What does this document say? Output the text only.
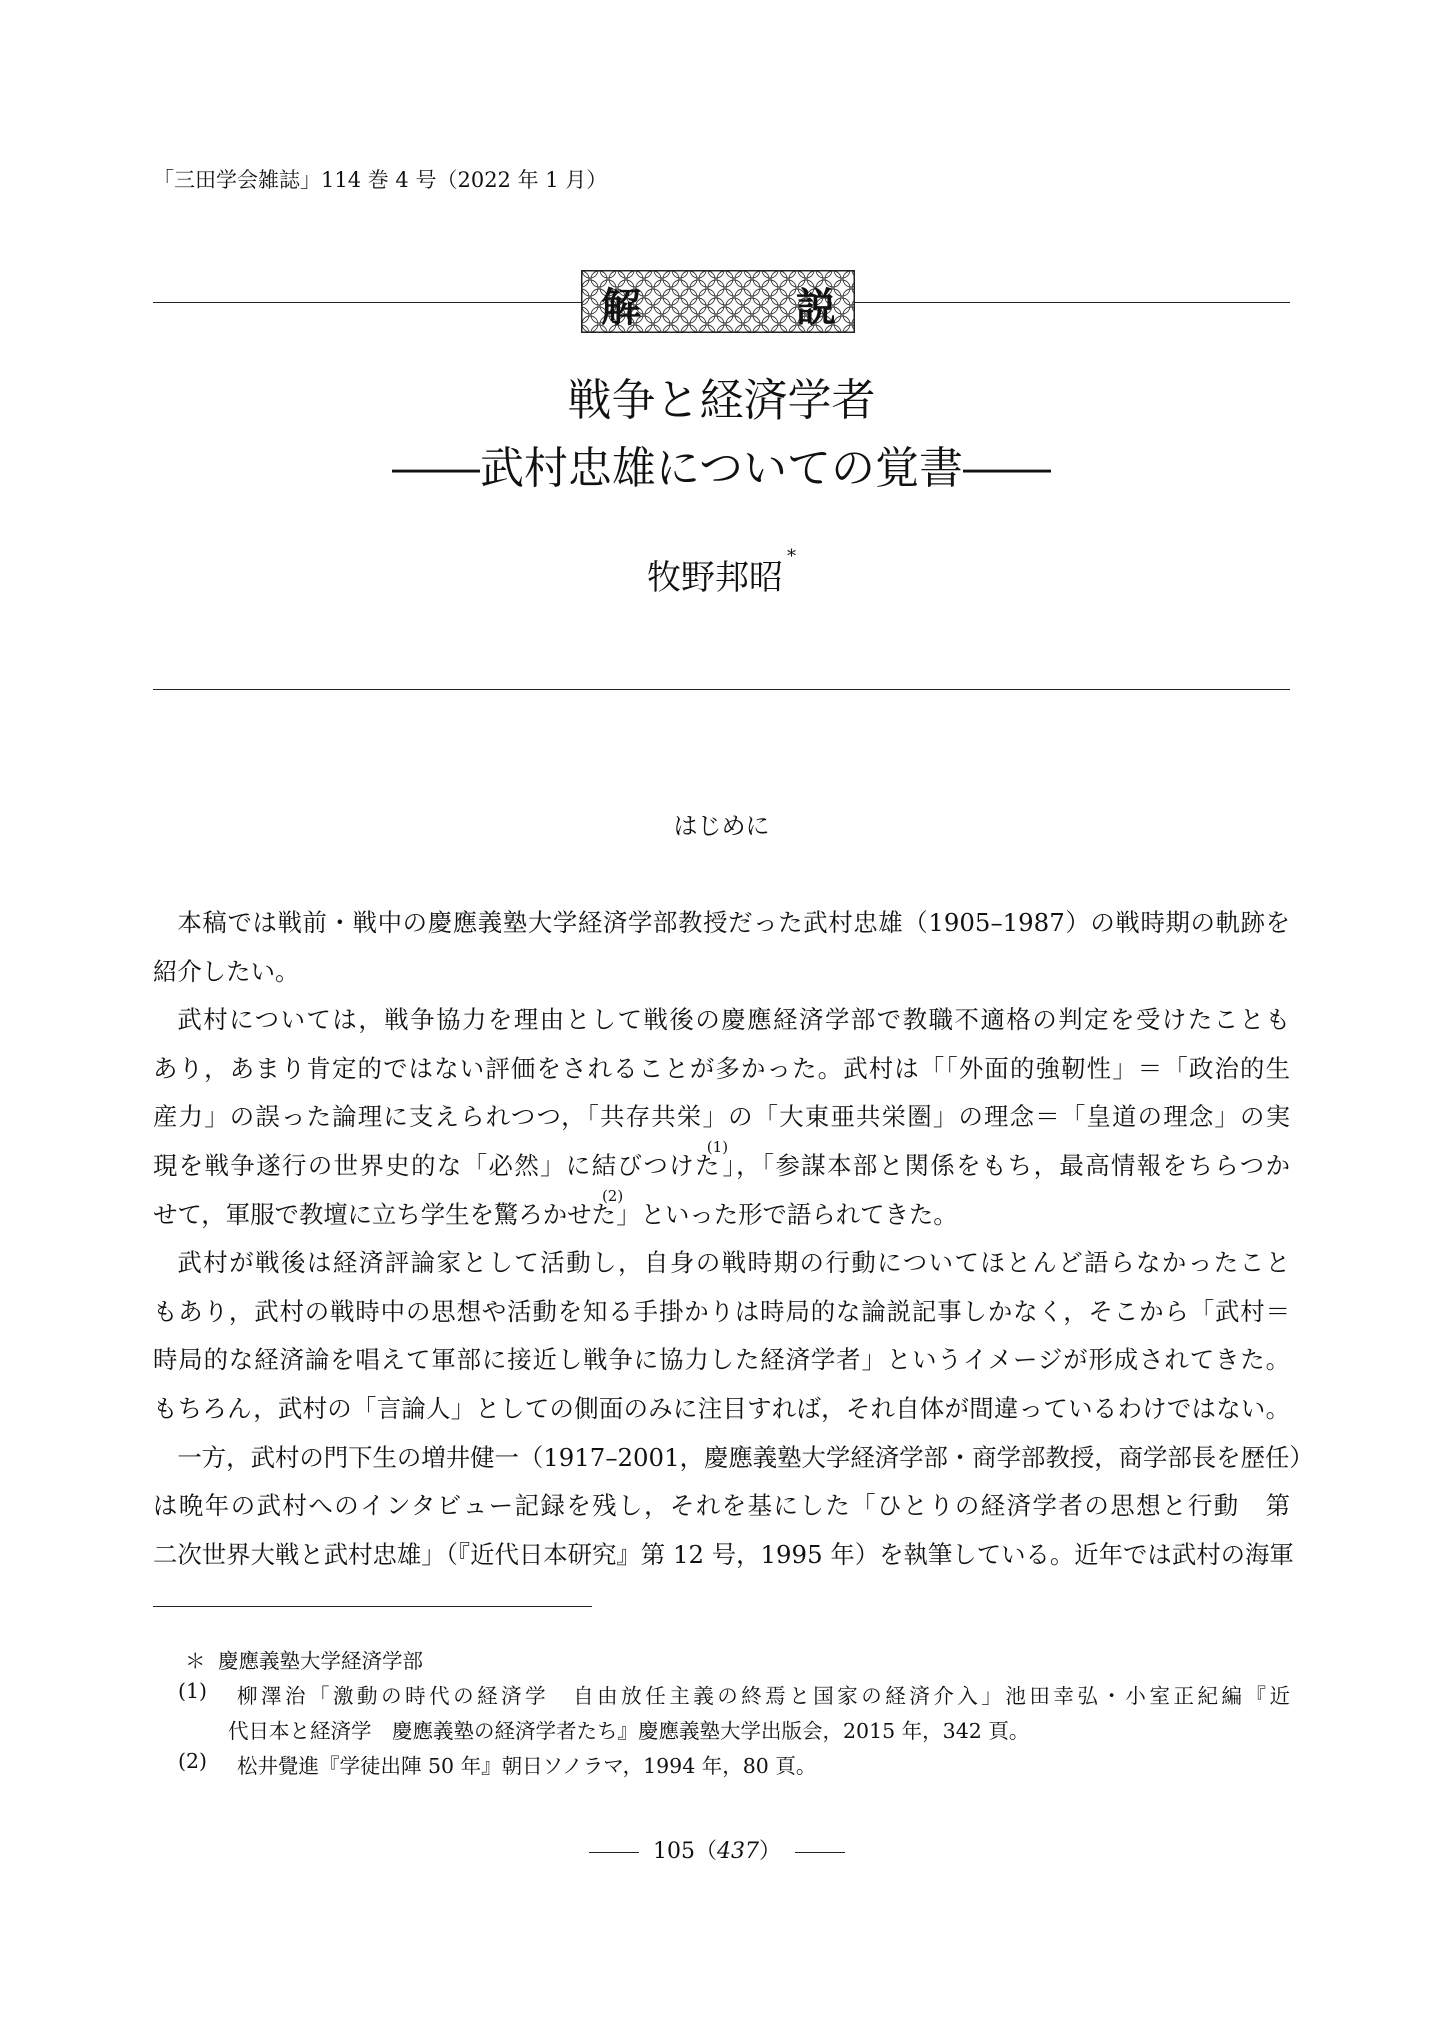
「三田学会雑誌」114 巻 4 号（2022 年 1 月）
解	説
戦争と経済学者
――武村忠雄についての覚書――
牧野邦昭*
はじめに
本稿では戦前・戦中の慶應義塾大学経済学部教授だった武村忠雄（1905–1987）の戦時期の軌跡を
紹介したい。
武村については，戦争協力を理由として戦後の慶應経済学部で教職不適格の判定を受けたことも
あり，あまり肯定的ではない評価をされることが多かった。武村は「「外面的強靭性」＝「政治的生
産力」の誤った論理に支えられつつ，「共存共栄」の「大東亜共栄圏」の理念＝「皇道の理念」の実
現を戦争遂行の世界史的な「必然」に結びつけた(1)」，「参謀本部と関係をもち，最高情報をちらつか
せて，軍服で教壇に立ち学生を驚ろかせた(2)」といった形で語られてきた。
武村が戦後は経済評論家として活動し，自身の戦時期の行動についてほとんど語らなかったこと
もあり，武村の戦時中の思想や活動を知る手掛かりは時局的な論説記事しかなく，そこから「武村＝
時局的な経済論を唱えて軍部に接近し戦争に協力した経済学者」というイメージが形成されてきた。
もちろん，武村の「言論人」としての側面のみに注目すれば，それ自体が間違っているわけではない。
一方，武村の門下生の増井健一（1917–2001，慶應義塾大学経済学部・商学部教授，商学部長を歴任）
は晩年の武村へのインタビュー記録を残し，それを基にした「ひとりの経済学者の思想と行動　第
二次世界大戦と武村忠雄」（『近代日本研究』第 12 号，1995 年）を執筆している。近年では武村の海軍
＊ 慶應義塾大学経済学部
(1) 柳澤治「激動の時代の経済学　自由放任主義の終焉と国家の経済介入」池田幸弘・小室正紀編『近
代日本と経済学　慶應義塾の経済学者たち』慶應義塾大学出版会，2015 年，342 頁。
(2) 松井覺進『学徒出陣 50 年』朝日ソノラマ，1994 年，80 頁。
105（437）
